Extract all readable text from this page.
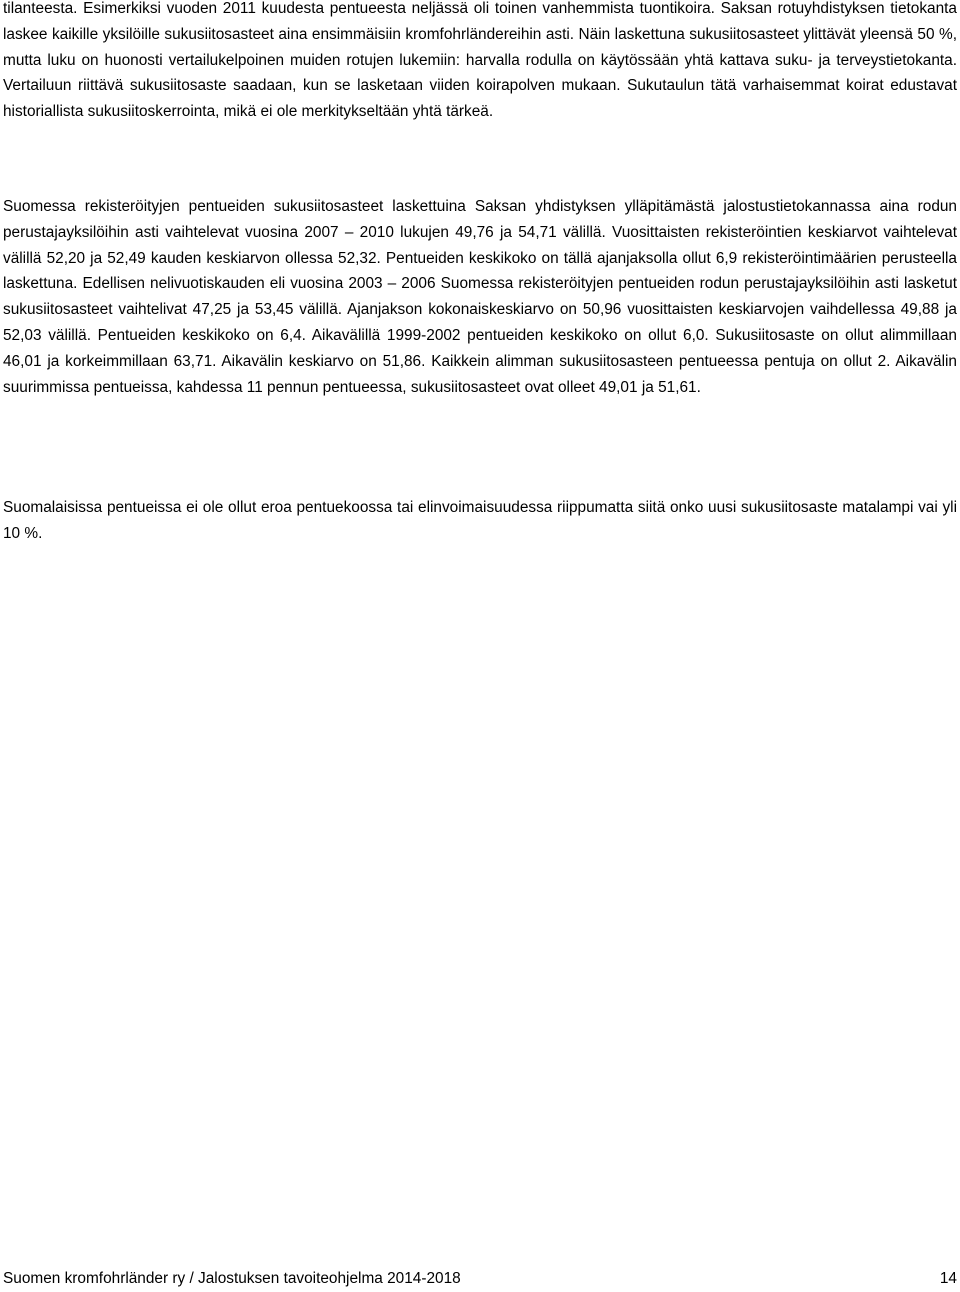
tilanteesta. Esimerkiksi vuoden 2011 kuudesta pentueesta neljässä oli toinen vanhemmista tuontikoira. Saksan rotuyhdistyksen tietokanta laskee kaikille yksilöille sukusiitosasteet aina ensimmäisiin kromfohrländereihin asti. Näin laskettuna sukusiitosasteet ylittävät yleensä 50 %, mutta luku on huonosti vertailukelpoinen muiden rotujen lukemiin: harvalla rodulla on käytössään yhtä kattava suku- ja terveystietokanta. Vertailuun riittävä sukusiitosaste saadaan, kun se lasketaan viiden koirapolven mukaan. Sukutaulun tätä varhaisemmat koirat edustavat historiallista sukusiitoskerrointa, mikä ei ole merkitykseltään yhtä tärkeä.

Suomessa rekisteröityjen pentueiden sukusiitosasteet laskettuina Saksan yhdistyksen ylläpitämästä jalostustietokannassa aina rodun perustajayksilöihin asti vaihtelevat vuosina 2007 – 2010 lukujen 49,76 ja 54,71 välillä. Vuosittaisten rekisteröintien keskiarvot vaihtelevat välillä 52,20 ja 52,49 kauden keskiarvon ollessa 52,32. Pentueiden keskikoko on tällä ajanjaksolla ollut 6,9 rekisteröintimäärien perusteella laskettuna. Edellisen nelivuotiskauden eli vuosina 2003 – 2006 Suomessa rekisteröityjen pentueiden rodun perustajayksilöihin asti lasketut sukusiitosasteet vaihtelivat 47,25 ja 53,45 välillä. Ajanjakson kokonaiskeskiarvo on 50,96 vuosittaisten keskiarvojen vaihdellessa 49,88 ja 52,03 välillä. Pentueiden keskikoko on 6,4. Aikavälillä 1999-2002 pentueiden keskikoko on ollut 6,0. Sukusiitosaste on ollut alimmillaan 46,01 ja korkeimmillaan 63,71. Aikavälin keskiarvo on 51,86. Kaikkein alimman sukusiitosasteen pentueessa pentuja on ollut 2. Aikavälin suurimmissa pentueissa, kahdessa 11 pennun pentueessa, sukusiitosasteet ovat olleet 49,01 ja 51,61.

Suomalaisissa pentueissa ei ole ollut eroa pentuekoossa tai elinvoimaisuudessa riippumatta siitä onko uusi sukusiitosaste matalampi vai yli 10 %.

Suomen kromfohrländer ry / Jalostuksen tavoiteohjelma 2014-2018	14
